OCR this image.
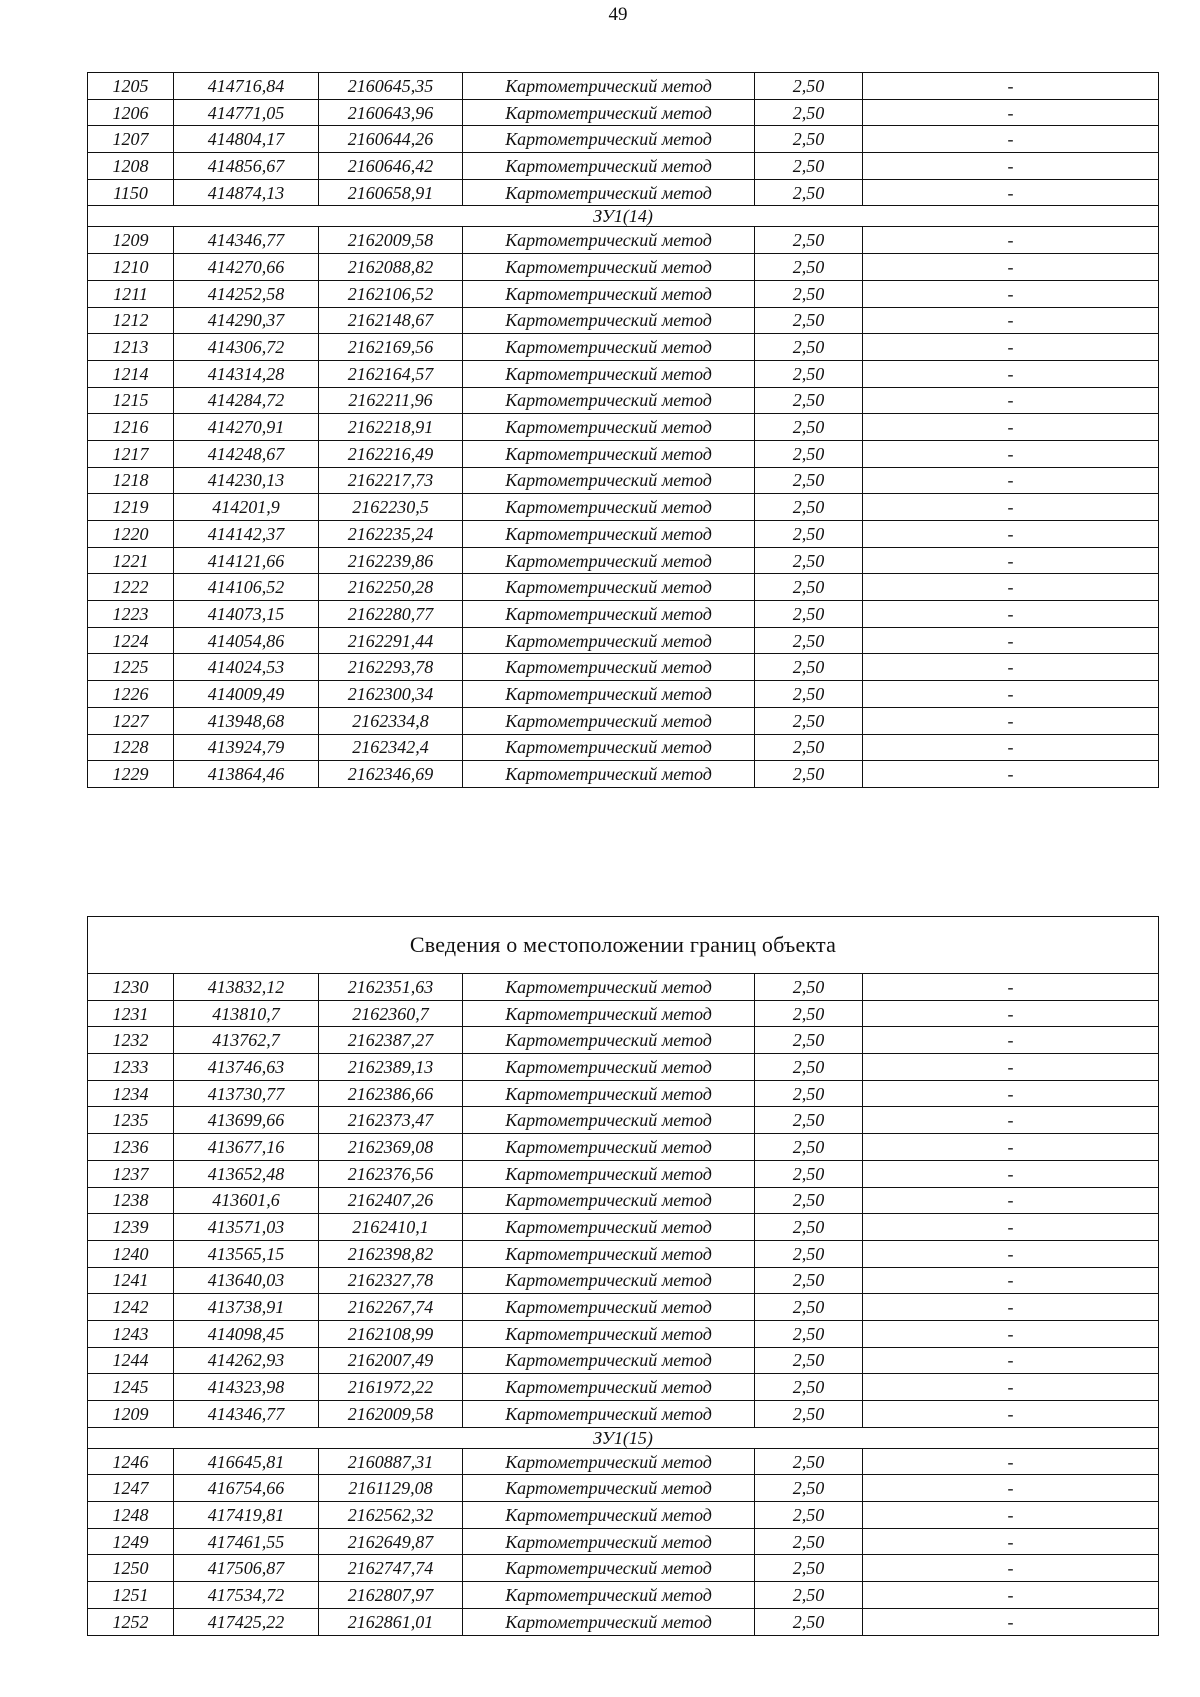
49
1205	414716,84	2160645,35	Картометрический метод	2,50	-
1206	414771,05	2160643,96	Картометрический метод	2,50	-
1207	414804,17	2160644,26	Картометрический метод	2,50	-
1208	414856,67	2160646,42	Картометрический метод	2,50	-
1150	414874,13	2160658,91	Картометрический метод	2,50	-
ЗУ1(14)					
1209	414346,77	2162009,58	Картометрический метод	2,50	-
1210	414270,66	2162088,82	Картометрический метод	2,50	-
1211	414252,58	2162106,52	Картометрический метод	2,50	-
1212	414290,37	2162148,67	Картометрический метод	2,50	-
1213	414306,72	2162169,56	Картометрический метод	2,50	-
1214	414314,28	2162164,57	Картометрический метод	2,50	-
1215	414284,72	2162211,96	Картометрический метод	2,50	-
1216	414270,91	2162218,91	Картометрический метод	2,50	-
1217	414248,67	2162216,49	Картометрический метод	2,50	-
1218	414230,13	2162217,73	Картометрический метод	2,50	-
1219	414201,9	2162230,5	Картометрический метод	2,50	-
1220	414142,37	2162235,24	Картометрический метод	2,50	-
1221	414121,66	2162239,86	Картометрический метод	2,50	-
1222	414106,52	2162250,28	Картометрический метод	2,50	-
1223	414073,15	2162280,77	Картометрический метод	2,50	-
1224	414054,86	2162291,44	Картометрический метод	2,50	-
1225	414024,53	2162293,78	Картометрический метод	2,50	-
1226	414009,49	2162300,34	Картометрический метод	2,50	-
1227	413948,68	2162334,8	Картометрический метод	2,50	-
1228	413924,79	2162342,4	Картометрический метод	2,50	-
1229	413864,46	2162346,69	Картометрический метод	2,50	-
Сведения о местоположении границ объекта					
1230	413832,12	2162351,63	Картометрический метод	2,50	-
1231	413810,7	2162360,7	Картометрический метод	2,50	-
1232	413762,7	2162387,27	Картометрический метод	2,50	-
1233	413746,63	2162389,13	Картометрический метод	2,50	-
1234	413730,77	2162386,66	Картометрический метод	2,50	-
1235	413699,66	2162373,47	Картометрический метод	2,50	-
1236	413677,16	2162369,08	Картометрический метод	2,50	-
1237	413652,48	2162376,56	Картометрический метод	2,50	-
1238	413601,6	2162407,26	Картометрический метод	2,50	-
1239	413571,03	2162410,1	Картометрический метод	2,50	-
1240	413565,15	2162398,82	Картометрический метод	2,50	-
1241	413640,03	2162327,78	Картометрический метод	2,50	-
1242	413738,91	2162267,74	Картометрический метод	2,50	-
1243	414098,45	2162108,99	Картометрический метод	2,50	-
1244	414262,93	2162007,49	Картометрический метод	2,50	-
1245	414323,98	2161972,22	Картометрический метод	2,50	-
1209	414346,77	2162009,58	Картометрический метод	2,50	-
ЗУ1(15)					
1246	416645,81	2160887,31	Картометрический метод	2,50	-
1247	416754,66	2161129,08	Картометрический метод	2,50	-
1248	417419,81	2162562,32	Картометрический метод	2,50	-
1249	417461,55	2162649,87	Картометрический метод	2,50	-
1250	417506,87	2162747,74	Картометрический метод	2,50	-
1251	417534,72	2162807,97	Картометрический метод	2,50	-
1252	417425,22	2162861,01	Картометрический метод	2,50	-
